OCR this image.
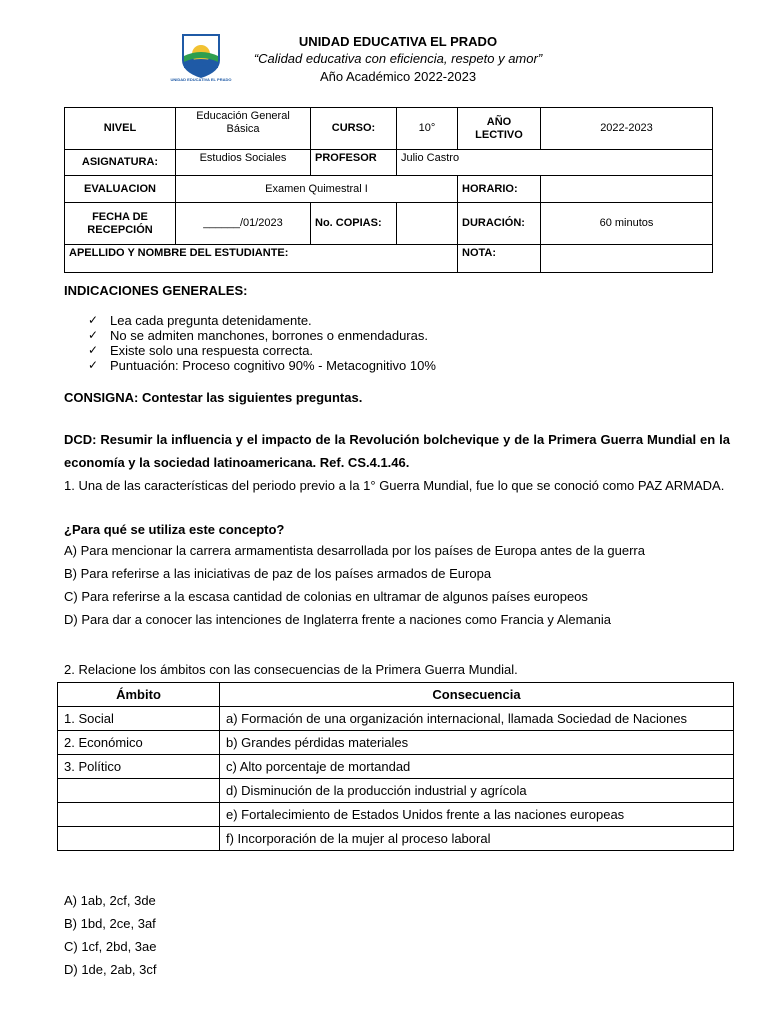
UNIDAD EDUCATIVA EL PRADO
UNIDAD EDUCATIVA EL PRADO
“Calidad educativa con eficiencia, respeto y amor”
Año Académico 2022-2023
NIVEL	Educación General Básica	CURSO:	10°	AÑO LECTIVO	2022-2023
ASIGNATURA:	Estudios Sociales	PROFESOR	Julio Castro		
EVALUACION	Examen Quimestral I			HORARIO:	
FECHA DE RECEPCIÓN	______/01/2023	No. COPIAS:		DURACIÓN:	60 minutos
APELLIDO Y NOMBRE DEL ESTUDIANTE:				NOTA:	
INDICACIONES GENERALES:
✓ Lea cada pregunta detenidamente.
✓ No se admiten manchones, borrones o enmendaduras.
✓ Existe solo una respuesta correcta.
✓ Puntuación: Proceso cognitivo 90% - Metacognitivo 10%
CONSIGNA: Contestar las siguientes preguntas.
DCD: Resumir la influencia y el impacto de la Revolución bolchevique y de la Primera Guerra Mundial en la economía y la sociedad latinoamericana. Ref. CS.4.1.46.
1. Una de las características del periodo previo a la 1° Guerra Mundial, fue lo que se conoció como PAZ ARMADA.
¿Para qué se utiliza este concepto?
A) Para mencionar la carrera armamentista desarrollada por los países de Europa antes de la guerra
B) Para referirse a las iniciativas de paz de los países armados de Europa
C) Para referirse a la escasa cantidad de colonias en ultramar de algunos países europeos
D) Para dar a conocer las intenciones de Inglaterra frente a naciones como Francia y Alemania
2. Relacione los ámbitos con las consecuencias de la Primera Guerra Mundial.
Ámbito	Consecuencia
1. Social	a) Formación de una organización internacional, llamada Sociedad de Naciones
2. Económico	b) Grandes pérdidas materiales
3. Político	c) Alto porcentaje de mortandad
	d) Disminución de la producción industrial y agrícola
	e) Fortalecimiento de Estados Unidos frente a las naciones europeas
	f) Incorporación de la mujer al proceso laboral
A) 1ab, 2cf, 3de
B) 1bd, 2ce, 3af
C) 1cf, 2bd, 3ae
D) 1de, 2ab, 3cf
